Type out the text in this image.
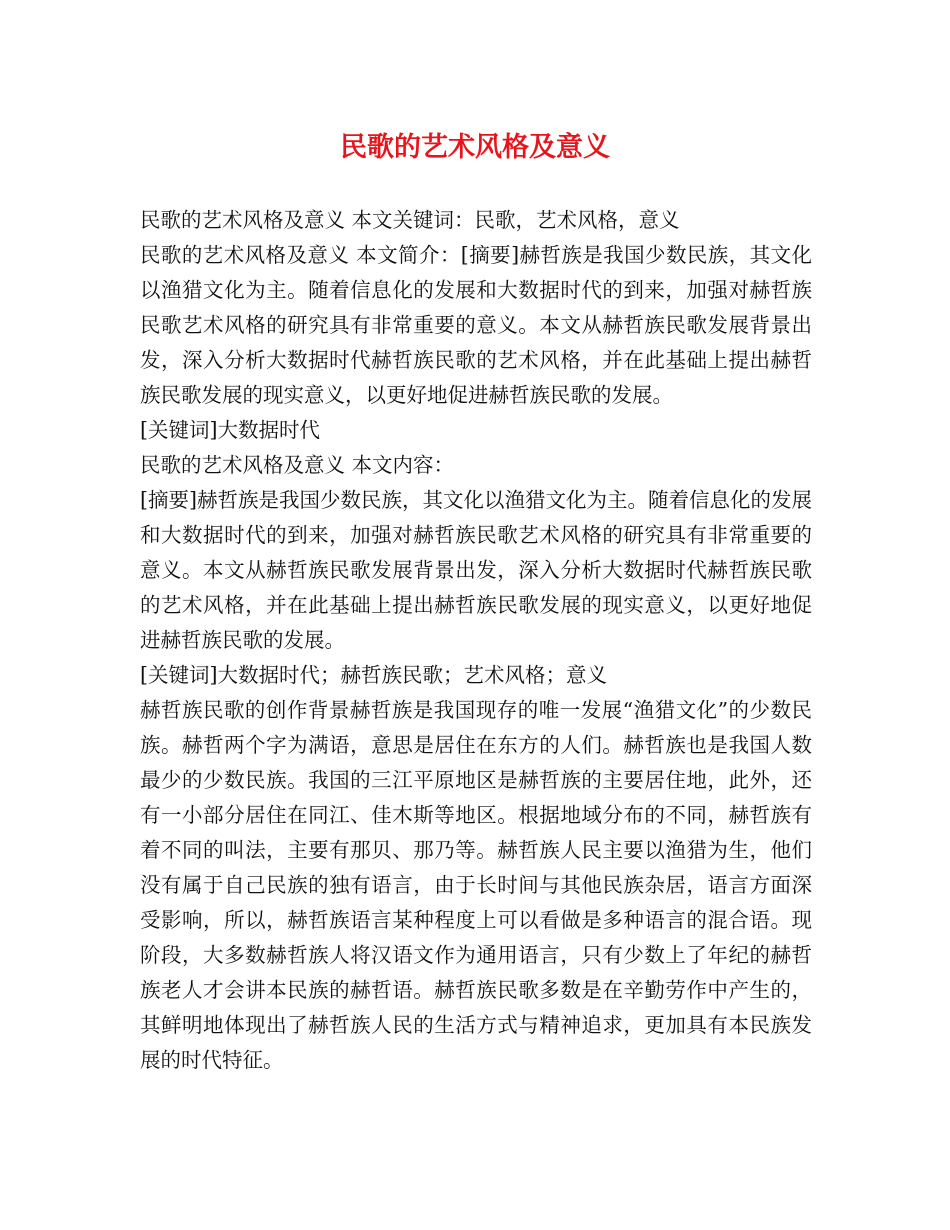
民歌的艺术风格及意义

民歌的艺术风格及意义 本文关键词：民歌，艺术风格，意义

民歌的艺术风格及意义 本文简介：[摘要]赫哲族是我国少数民族，其文化以渔猎文化为主。随着信息化的发展和大数据时代的到来，加强对赫哲族民歌艺术风格的研究具有非常重要的意义。本文从赫哲族民歌发展背景出发，深入分析大数据时代赫哲族民歌的艺术风格，并在此基础上提出赫哲族民歌发展的现实意义，以更好地促进赫哲族民歌的发展。

[关键词]大数据时代

民歌的艺术风格及意义 本文内容：

[摘要]赫哲族是我国少数民族，其文化以渔猎文化为主。随着信息化的发展和大数据时代的到来，加强对赫哲族民歌艺术风格的研究具有非常重要的意义。本文从赫哲族民歌发展背景出发，深入分析大数据时代赫哲族民歌的艺术风格，并在此基础上提出赫哲族民歌发展的现实意义，以更好地促进赫哲族民歌的发展。

[关键词]大数据时代；赫哲族民歌；艺术风格；意义

赫哲族民歌的创作背景赫哲族是我国现存的唯一发展“渔猎文化”的少数民族。赫哲两个字为满语，意思是居住在东方的人们。赫哲族也是我国人数最少的少数民族。我国的三江平原地区是赫哲族的主要居住地，此外，还有一小部分居住在同江、佳木斯等地区。根据地域分布的不同，赫哲族有着不同的叫法，主要有那贝、那乃等。赫哲族人民主要以渔猎为生，他们没有属于自己民族的独有语言，由于长时间与其他民族杂居，语言方面深受影响，所以，赫哲族语言某种程度上可以看做是多种语言的混合语。现阶段，大多数赫哲族人将汉语文作为通用语言，只有少数上了年纪的赫哲族老人才会讲本民族的赫哲语。赫哲族民歌多数是在辛勤劳作中产生的，其鲜明地体现出了赫哲族人民的生活方式与精神追求，更加具有本民族发展的时代特征。
